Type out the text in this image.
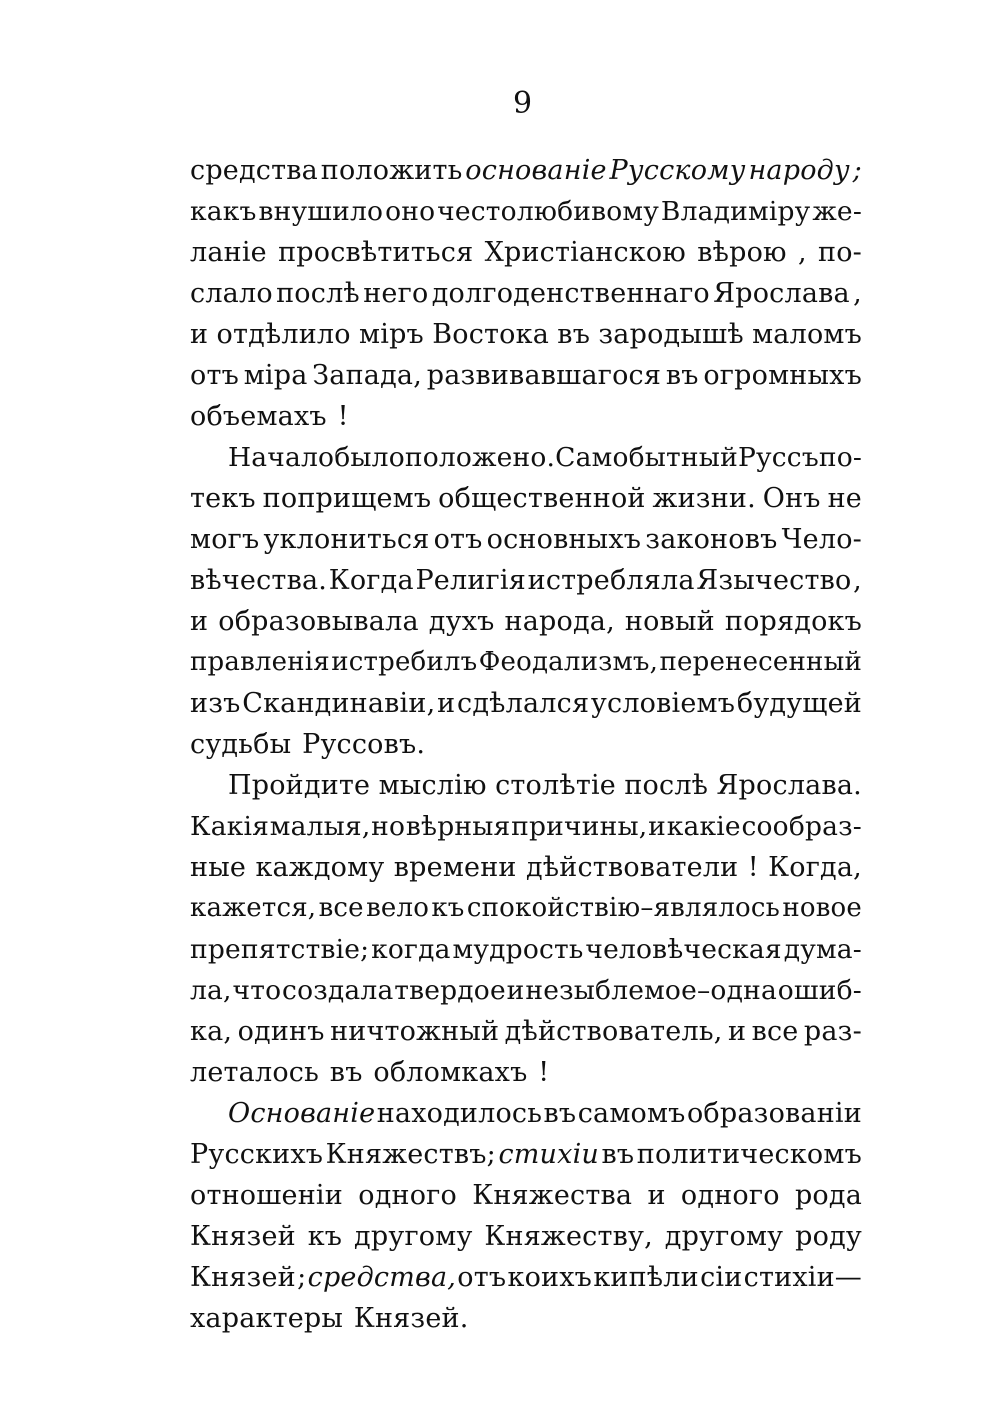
9
средства положить основанiе Русскому народу ;
какъ внушило оно честолюбивому Владимiру же-
ланiе просвѣтиться Христiанскою вѣрою , по-
слало послѣ него долгоденственнаго Ярослава ,
и отдѣлило мiръ Востока въ зародышѣ маломъ
отъ мiра Запада, развивавшагося въ огромныхъ
объемахъ !
Начало было положено. Самобытный Руссъ по-
текъ поприщемъ общественной жизни. Онъ не
могъ уклониться отъ основныхъ законовъ Чело-
вѣчества. Когда Религiя истребляла Язычество ,
и образовывала духъ народа, новый порядокъ
правленiя истребилъ Феодализмъ, перенесенный
изъ Скандинавiи, и сдѣлался условiемъ будущей
судьбы Руссовъ.
Пройдите мыслiю столѣтiе послѣ Ярослава.
Какiя малыя, но вѣрныя причины, и какiе сообраз-
ные каждому времени дѣйствователи ! Когда,
кажется, все вело къ спокойствiю–являлось новое
препятствiе; когда мудрость человѣческая дума-
ла, что создала твердое и незыблемое–одна ошиб-
ка, одинъ ничтожный дѣйствователь, и все раз-
леталось въ обломкахъ !
Основанiе находилось въ самомъ образованiи
Русскихъ Княжествъ; стихiи въ политическомъ
отношенiи одного Княжества и одного рода
Князей къ другому Княжеству, другому роду
Князей ; средства, отъ коихъ кипѣли сiи стихiи—
характеры Князей.
